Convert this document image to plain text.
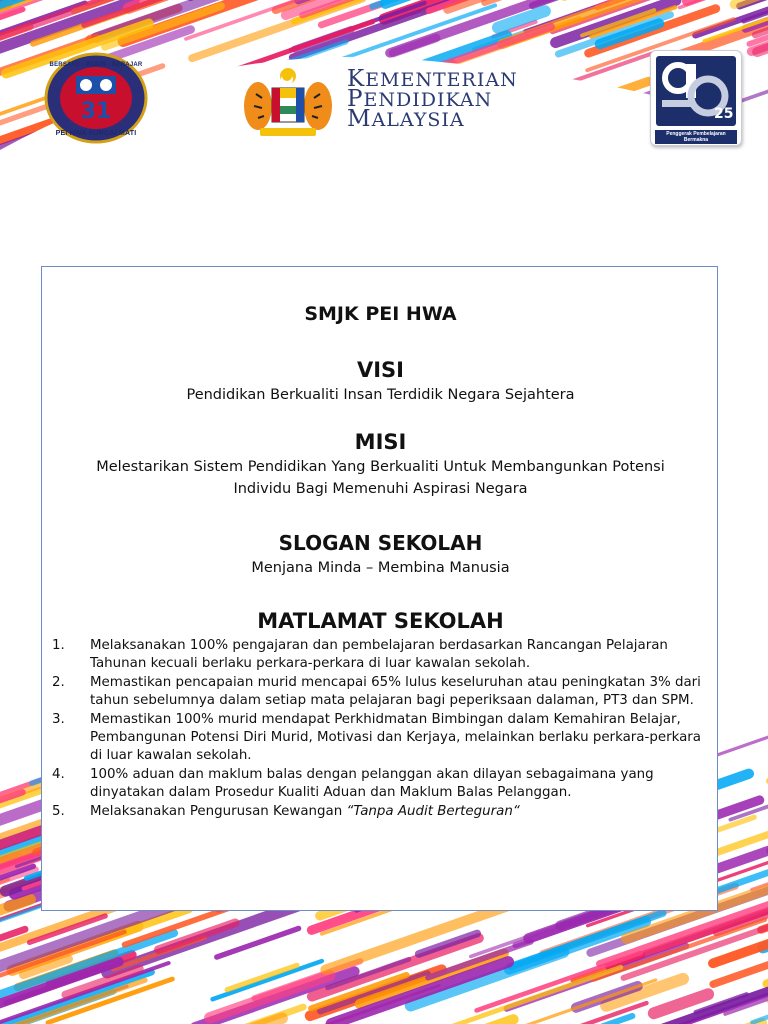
31
BERSATU · JUJUR · BERAJAR
PEI HWA SUNGAI MATI
KEMENTERIAN
PENDIDIKAN
MALAYSIA	25
Penggerak Pembelajaran Bermakna
SMJK PEI HWA
VISI
Pendidikan Berkualiti Insan Terdidik Negara Sejahtera
MISI
Melestarikan Sistem Pendidikan Yang Berkualiti Untuk Membangunkan Potensi
Individu Bagi Memenuhi Aspirasi Negara
SLOGAN SEKOLAH
Menjana Minda – Membina Manusia
MATLAMAT SEKOLAH
1. Melaksanakan 100% pengajaran dan pembelajaran berdasarkan Rancangan Pelajaran Tahunan kecuali berlaku perkara-perkara di luar kawalan sekolah.
2. Memastikan pencapaian murid mencapai 65% lulus keseluruhan atau peningkatan 3% dari tahun sebelumnya dalam setiap mata pelajaran bagi peperiksaan dalaman, PT3 dan SPM.
3. Memastikan 100% murid mendapat Perkhidmatan Bimbingan dalam Kemahiran Belajar, Pembangunan Potensi Diri Murid, Motivasi dan Kerjaya, melainkan berlaku perkara-perkara di luar kawalan sekolah.
4. 100% aduan dan maklum balas dengan pelanggan akan dilayan sebagaimana yang dinyatakan dalam Prosedur Kualiti Aduan dan Maklum Balas Pelanggan.
5. Melaksanakan Pengurusan Kewangan “Tanpa Audit Berteguran“
